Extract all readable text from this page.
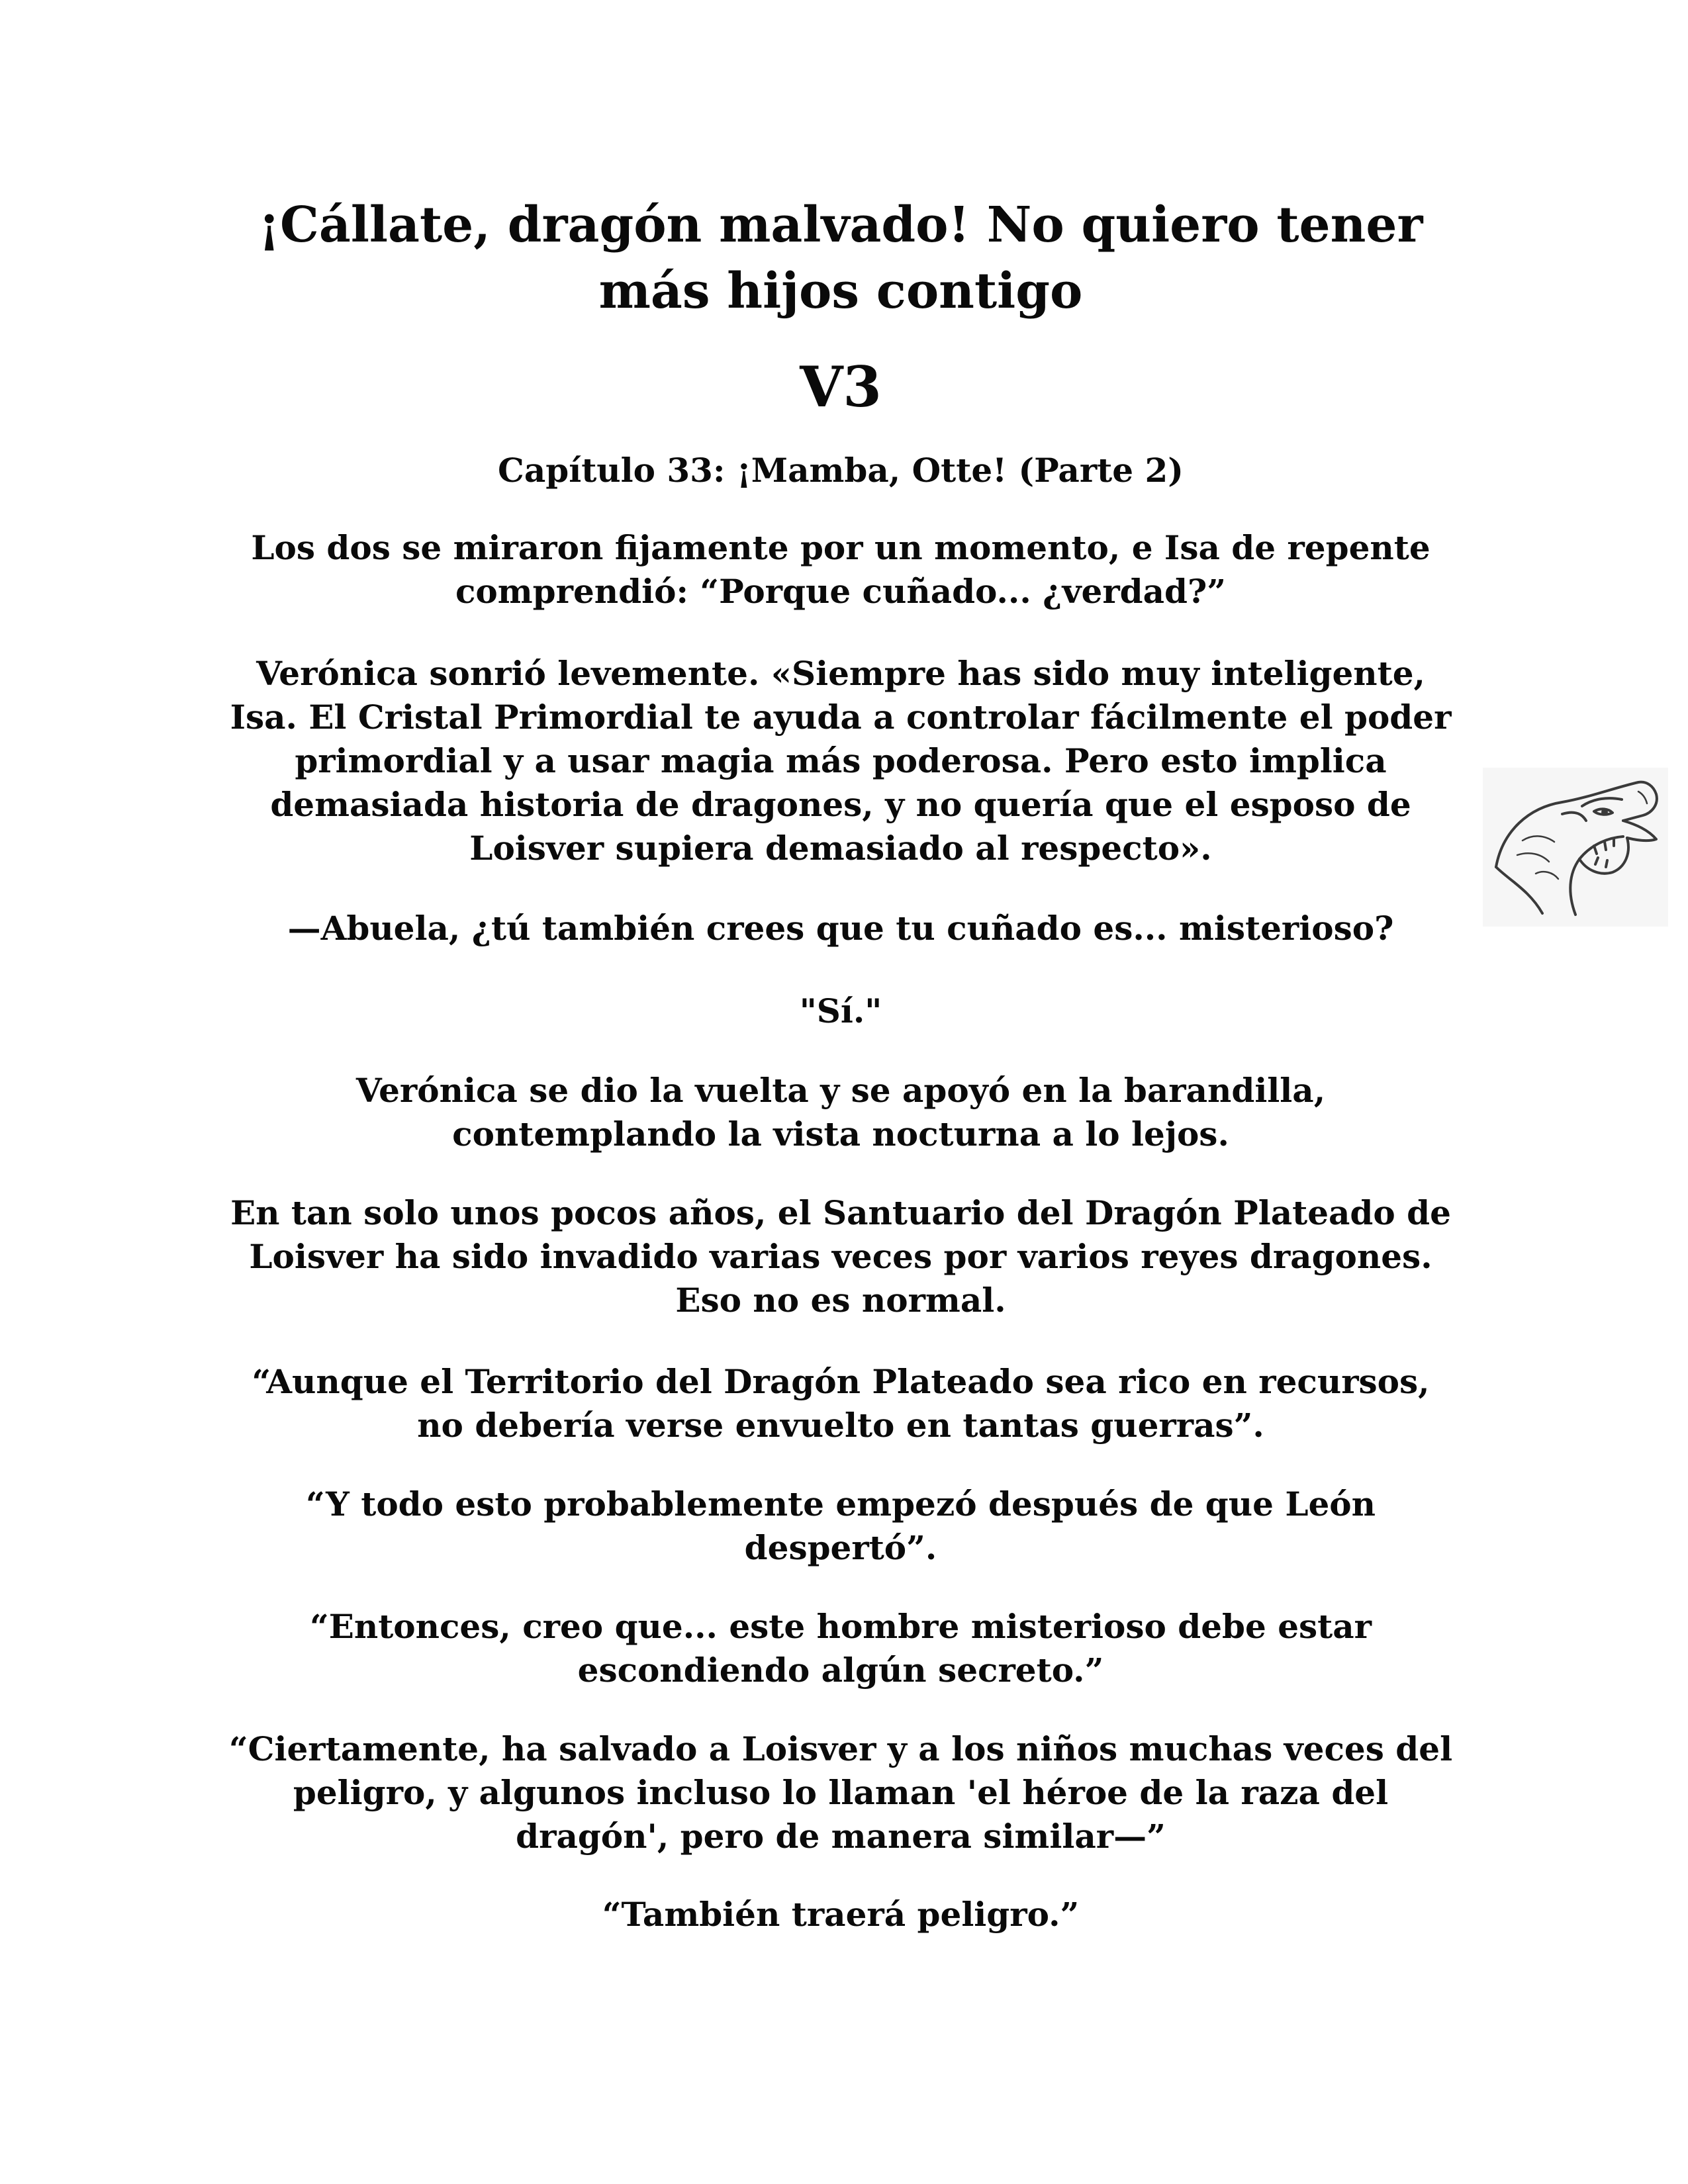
¡Cállate, dragón malvado! No quiero tener más hijos contigo
V3
Capítulo 33: ¡Mamba, Otte! (Parte 2)

Los dos se miraron fijamente por un momento, e Isa de repente comprendió: “Porque cuñado... ¿verdad?”

Verónica sonrió levemente. «Siempre has sido muy inteligente, Isa. El Cristal Primordial te ayuda a controlar fácilmente el poder primordial y a usar magia más poderosa. Pero esto implica demasiada historia de dragones, y no quería que el esposo de Loisver supiera demasiado al respecto».

—Abuela, ¿tú también crees que tu cuñado es... misterioso?

"Sí."

Verónica se dio la vuelta y se apoyó en la barandilla, contemplando la vista nocturna a lo lejos.

En tan solo unos pocos años, el Santuario del Dragón Plateado de Loisver ha sido invadido varias veces por varios reyes dragones. Eso no es normal.

“Aunque el Territorio del Dragón Plateado sea rico en recursos, no debería verse envuelto en tantas guerras”.

“Y todo esto probablemente empezó después de que León despertó”.

“Entonces, creo que... este hombre misterioso debe estar escondiendo algún secreto.”

“Ciertamente, ha salvado a Loisver y a los niños muchas veces del peligro, y algunos incluso lo llaman 'el héroe de la raza del dragón', pero de manera similar—”

“También traerá peligro.”
